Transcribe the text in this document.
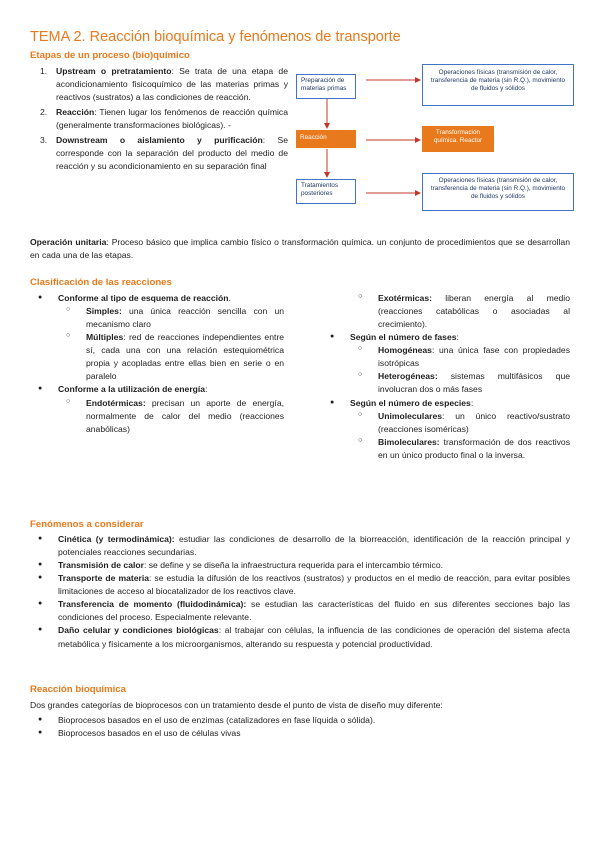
TEMA 2. Reacción bioquímica y fenómenos de transporte
Etapas de un proceso (bio)químico
1. Upstream o pretratamiento: Se trata de una etapa de acondicionamiento fisicoquímico de las materias primas y reactivos (sustratos) a las condiciones de reacción.
2. Reacción: Tienen lugar los fenómenos de reacción química (generalmente transformaciones biológicas). -
3. Downstream o aislamiento y purificación: Se corresponde con la separación del producto del medio de reacción y su acondicionamiento en su separación final
Preparación de materias primas
Reacción
Tratamientos posteriores
Operaciones físicas (transmisión de calor, transferencia de materia (sin R.Q.), movimiento de fluidos y sólidos
Transformación química. Reactor
Operaciones físicas (transmisión de calor, transferencia de materia (sin R.Q.), movimiento de fluidos y sólidos
Operación unitaria: Proceso básico que implica cambio físico o transformación química. un conjunto de procedimientos que se desarrollan en cada una de las etapas.
Clasificación de las reacciones
● Conforme al tipo de esquema de reacción.
○ Simples: una única reacción sencilla con un mecanismo claro
○ Múltiples: red de reacciones independientes entre sí, cada una con una relación estequiométrica propia y acopladas entre ellas bien en serie o en paralelo
● Conforme a la utilización de energía:
○ Endotérmicas: precisan un aporte de energía, normalmente de calor del medio (reacciones anabólicas)
○ Exotérmicas: liberan energía al medio (reacciones catabólicas o asociadas al crecimiento).
● Según el número de fases:
○ Homogéneas: una única fase con propiedades isotrópicas
○ Heterogéneas: sistemas multifásicos que involucran dos o más fases
● Según el número de especies:
○ Unimoleculares: un único reactivo/sustrato (reacciones isoméricas)
○ Bimoleculares: transformación de dos reactivos en un único producto final o la inversa.
Fenómenos a considerar
● Cinética (y termodinámica): estudiar las condiciones de desarrollo de la biorreacción, identificación de la reacción principal y potenciales reacciones secundarias.
● Transmisión de calor: se define y se diseña la infraestructura requerida para el intercambio térmico.
● Transporte de materia: se estudia la difusión de los reactivos (sustratos) y productos en el medio de reacción, para evitar posibles limitaciones de acceso al biocatalizador de los reactivos clave.
● Transferencia de momento (fluidodinámica): se estudian las características del fluido en sus diferentes secciones bajo las condiciones del proceso. Especialmente relevante.
● Daño celular y condiciones biológicas: al trabajar con células, la influencia de las condiciones de operación del sistema afecta metabólica y físicamente a los microorganismos, alterando su respuesta y potencial productividad.
Reacción bioquímica
Dos grandes categorías de bioprocesos con un tratamiento desde el punto de vista de diseño muy diferente:
● Bioprocesos basados en el uso de enzimas (catalizadores en fase líquida o sólida).
● Bioprocesos basados en el uso de células vivas
